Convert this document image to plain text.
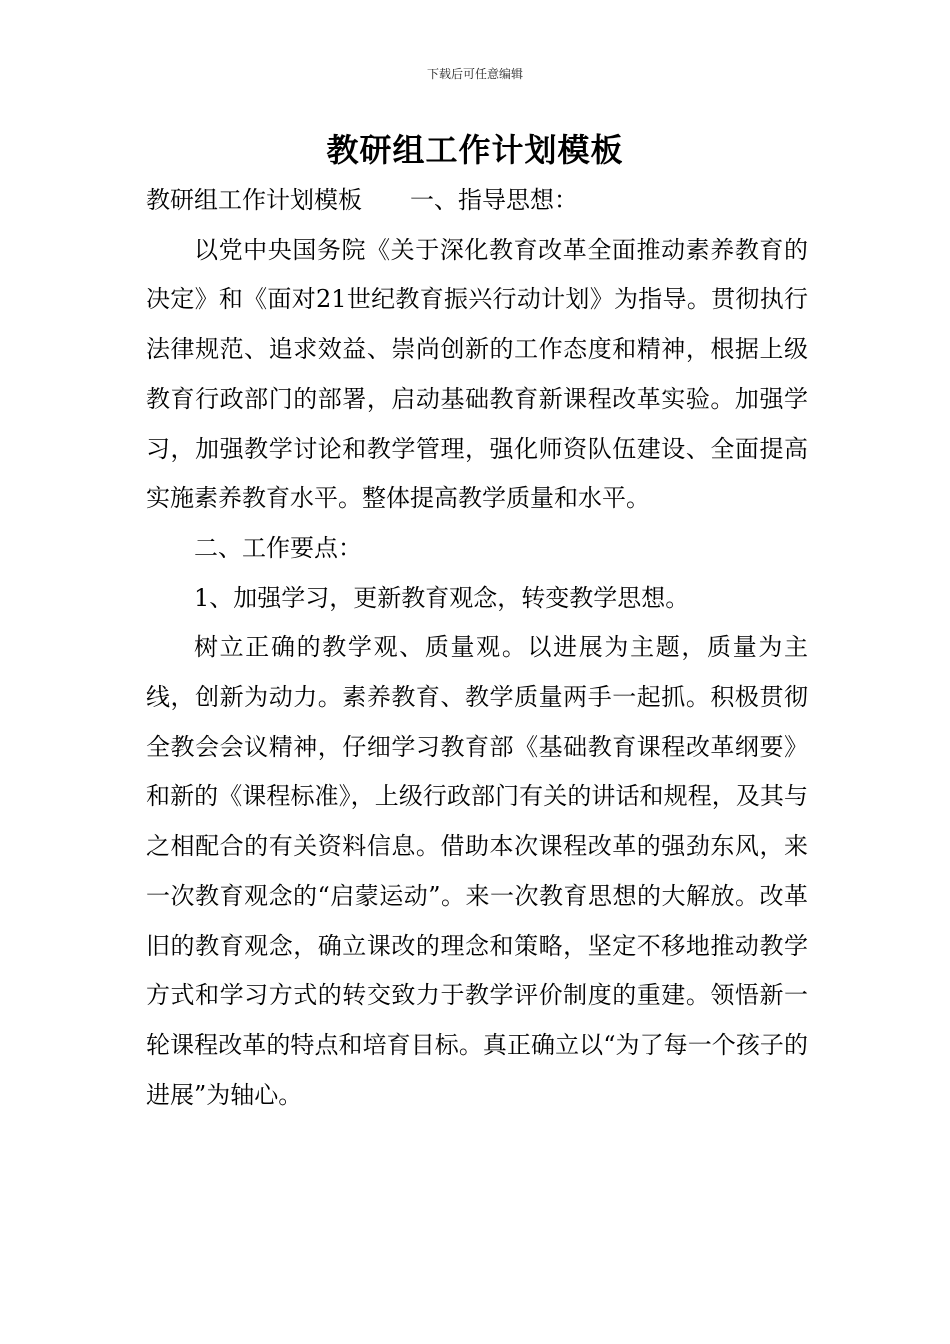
下载后可任意编辑
教研组工作计划模板

教研组工作计划模板　　一、指导思想：

以党中央国务院《关于深化教育改革全面推动素养教育的决定》和《面对21世纪教育振兴行动计划》为指导。贯彻执行法律规范、追求效益、崇尚创新的工作态度和精神，根据上级教育行政部门的部署，启动基础教育新课程改革实验。加强学习，加强教学讨论和教学管理，强化师资队伍建设、全面提高实施素养教育水平。整体提高教学质量和水平。

二、工作要点：

1、加强学习，更新教育观念，转变教学思想。

树立正确的教学观、质量观。以进展为主题，质量为主线，创新为动力。素养教育、教学质量两手一起抓。积极贯彻全教会会议精神，仔细学习教育部《基础教育课程改革纲要》和新的《课程标准》，上级行政部门有关的讲话和规程，及其与之相配合的有关资料信息。借助本次课程改革的强劲东风，来一次教育观念的“启蒙运动”。来一次教育思想的大解放。改革旧的教育观念，确立课改的理念和策略，坚定不移地推动教学方式和学习方式的转交致力于教学评价制度的重建。领悟新一轮课程改革的特点和培育目标。真正确立以“为了每一个孩子的进展”为轴心。
